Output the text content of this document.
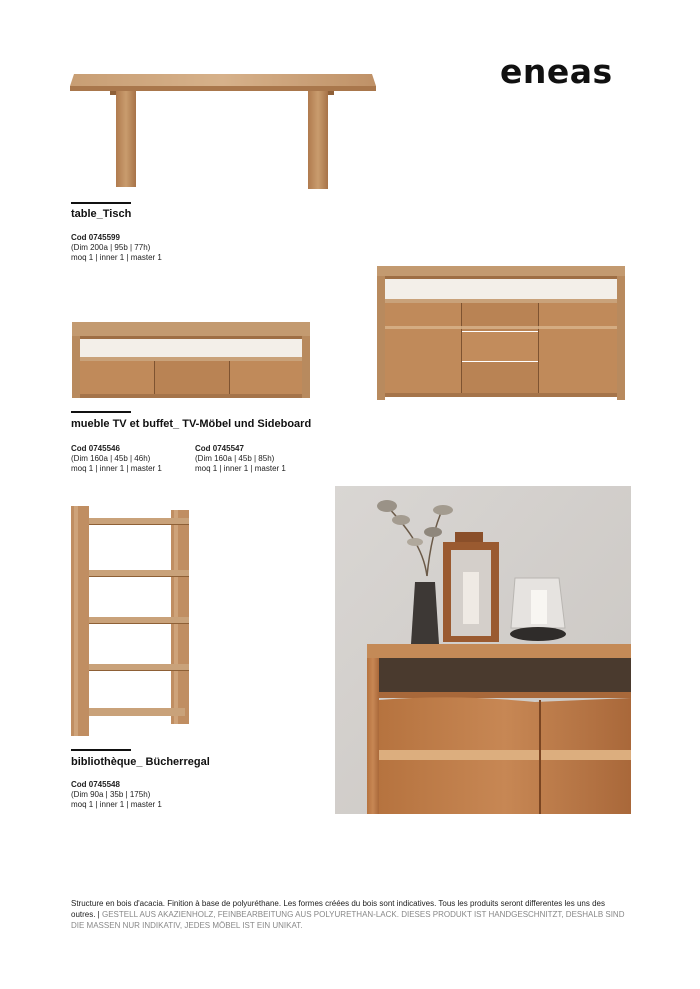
eneas
table_Tisch
Cod 0745599
(Dim 200a | 95b | 77h)
moq 1 | inner 1 | master 1
mueble TV et buffet_ TV-Möbel und Sideboard
Cod 0745546
(Dim 160a | 45b | 46h)
moq 1 | inner 1 | master 1
Cod 0745547
(Dim 160a | 45b | 85h)
moq 1 | inner 1 | master 1
bibliothèque_ Bücherregal
Cod 0745548
(Dim 90a | 35b | 175h)
moq 1 | inner 1 | master 1
Structure en bois d'acacia. Finition à base de polyuréthane. Les formes créées du bois sont indicatives. Tous les produits seront differentes les uns des outres. | GESTELL AUS AKAZIENHOLZ, FEINBEARBEITUNG AUS POLYURETHAN-LACK. DIESES PRODUKT IST HANDGESCHNITZT, DESHALB SIND DIE MASSEN NUR INDIKATIV, JEDES MÖBEL IST EIN UNIKAT.
